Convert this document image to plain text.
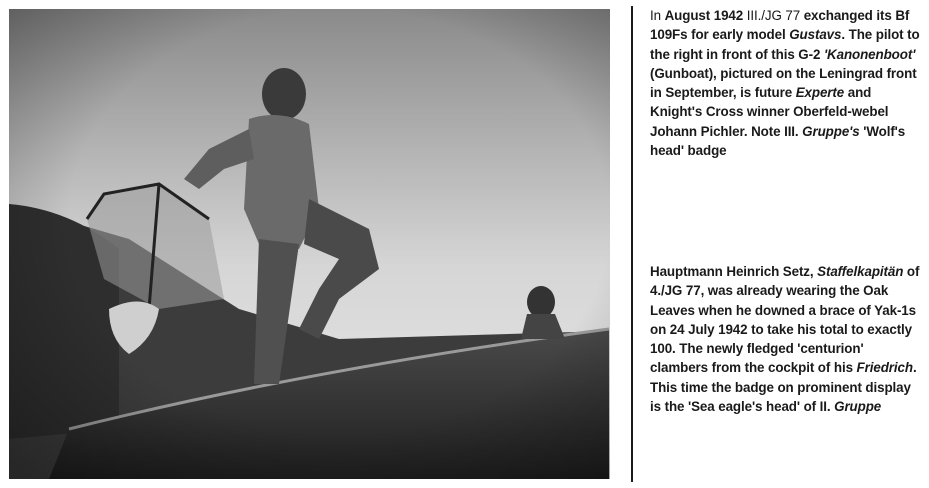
In August 1942 III./JG 77 exchanged its Bf 109Fs for early model Gustavs. The pilot to the right in front of this G-2 'Kanonenboot' (Gunboat), pictured on the Leningrad front in September, is future Experte and Knight's Cross winner Oberfeld-webel Johann Pichler. Note III. Gruppe's 'Wolf's head' badge

Hauptmann Heinrich Setz, Staffelkapitän of 4./JG 77, was already wearing the Oak Leaves when he downed a brace of Yak-1s on 24 July 1942 to take his total to exactly 100. The newly fledged 'centurion' clambers from the cockpit of his Friedrich. This time the badge on prominent display is the 'Sea eagle's head' of II. Gruppe
